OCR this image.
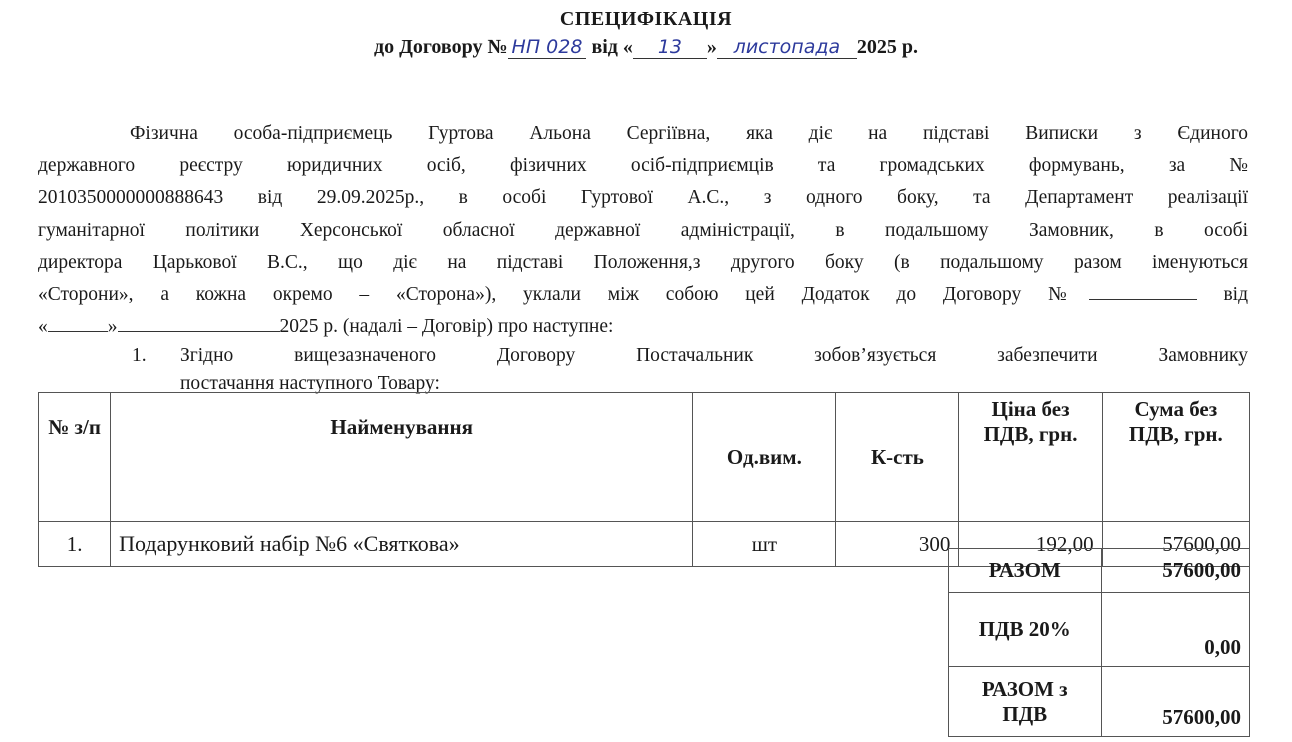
СПЕЦИФІКАЦІЯ
до Договору № НП 028 від « 13 » листопада 2025 р.
Фізична особа-підприємець Гуртова Альона Сергіївна, яка діє на підставі Виписки з Єдиного
державного реєстру юридичних осіб, фізичних осіб-підприємців та громадських формувань, за №
2010350000000888643 від 29.09.2025р., в особі Гуртової А.С., з одного боку, та Департамент реалізації
гуманітарної політики Херсонської обласної державної адміністрації, в подальшому Замовник, в особі
директора Царькової В.С., що діє на підставі Положення,з другого боку (в подальшому разом іменуються
«Сторони», а кожна окремо – «Сторона»), уклали між собою цей Додаток до Договору №	від
«	»	2025 р. (надалі – Договір) про наступне:
1. Згідно вищезазначеного Договору Постачальник зобов’язується забезпечити Замовнику
постачання наступного Товару:
№ з/п	Найменування	Од.вим.	К-сть	Ціна без ПДВ, грн.	Сума без ПДВ, грн.
1.	Подарунковий набір №6 «Святкова»	шт	300	192,00	57600,00
РАЗОМ	57600,00
ПДВ 20%	0,00
РАЗОМ з ПДВ	57600,00
